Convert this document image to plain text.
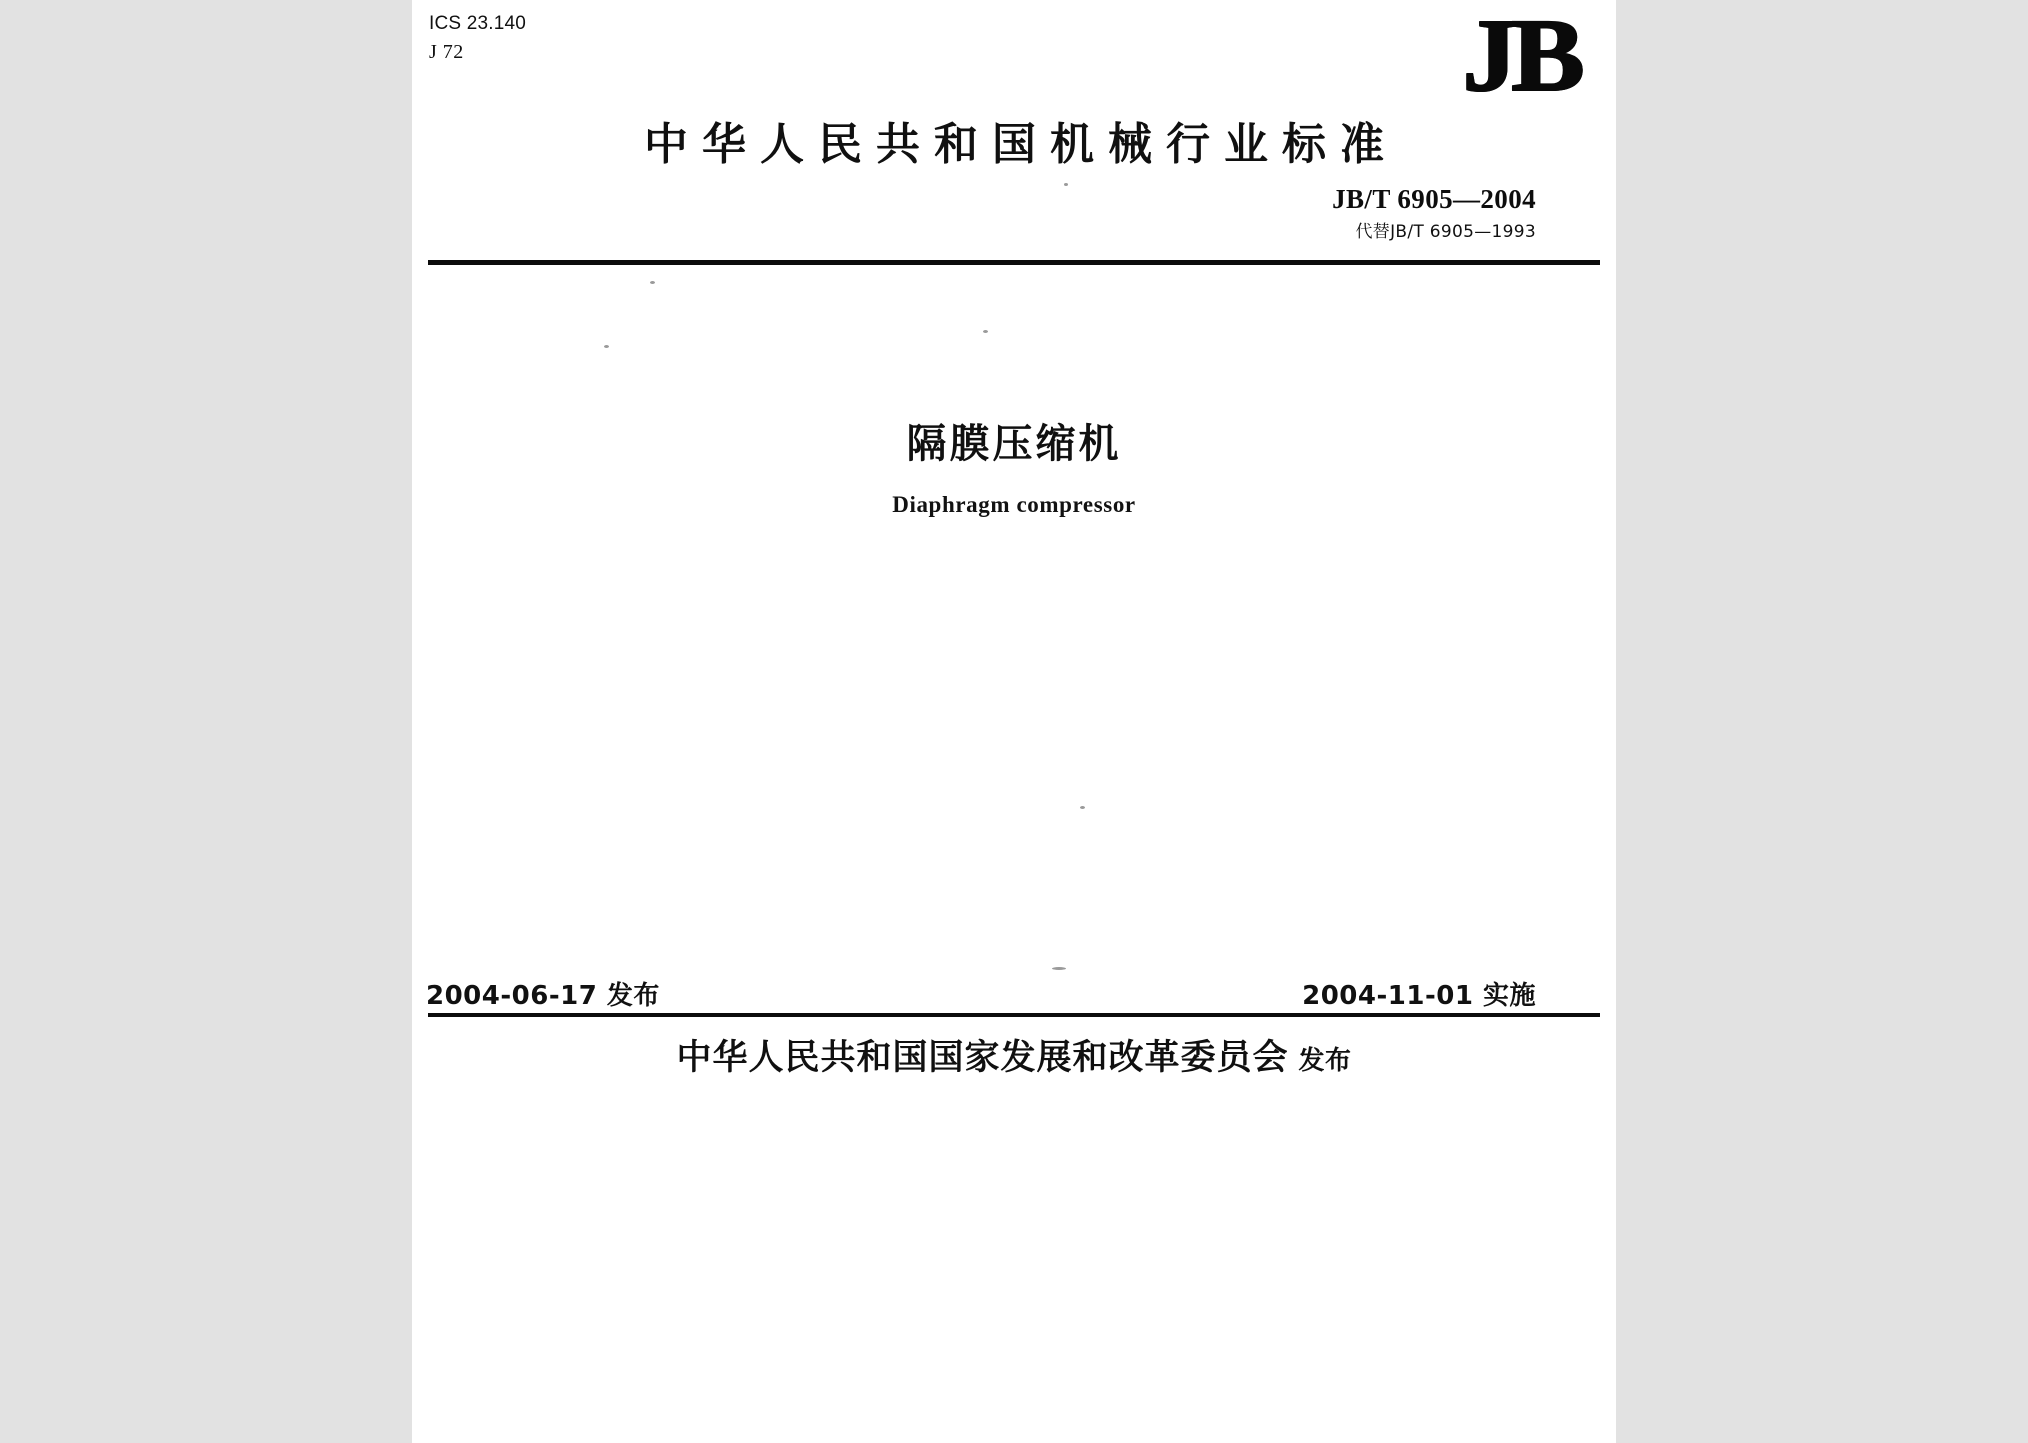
ICS 23.140
J 72	JB
中华人民共和国机械行业标准
JB/T 6905—2004
代替JB/T 6905—1993
隔膜压缩机
Diaphragm compressor
2004-06-17 发布	2004-11-01 实施
中华人民共和国国家发展和改革委员会 发布
